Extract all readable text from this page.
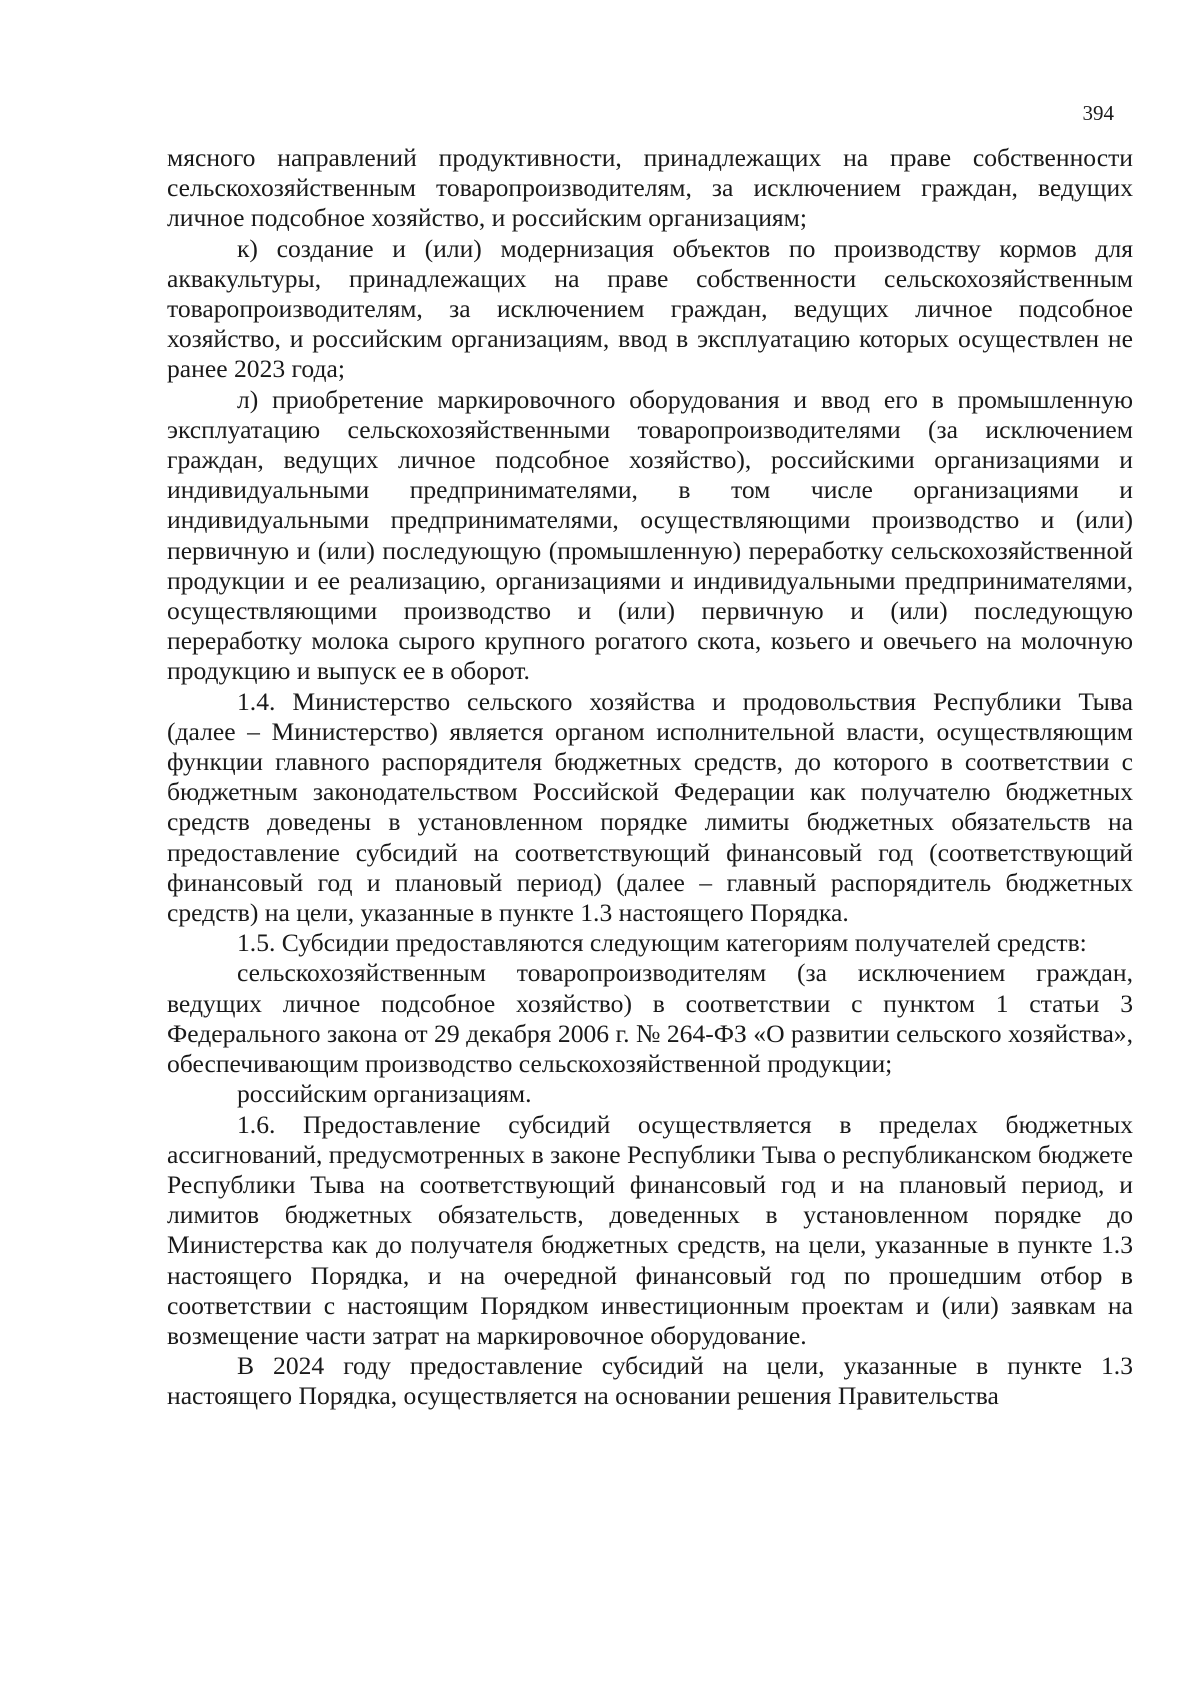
394

мясного направлений продуктивности, принадлежащих на праве собственности сельскохозяйственным товаропроизводителям, за исключением граждан, ведущих личное подсобное хозяйство, и российским организациям;

к) создание и (или) модернизация объектов по производству кормов для аквакультуры, принадлежащих на праве собственности сельскохозяйственным товаропроизводителям, за исключением граждан, ведущих личное подсобное хозяйство, и российским организациям, ввод в эксплуатацию которых осуществлен не ранее 2023 года;

л) приобретение маркировочного оборудования и ввод его в промышленную эксплуатацию сельскохозяйственными товаропроизводителями (за исключением граждан, ведущих личное подсобное хозяйство), российскими организациями и индивидуальными предпринимателями, в том числе организациями и индивидуальными предпринимателями, осуществляющими производство и (или) первичную и (или) последующую (промышленную) переработку сельскохозяйственной продукции и ее реализацию, организациями и индивидуальными предпринимателями, осуществляющими производство и (или) первичную и (или) последующую переработку молока сырого крупного рогатого скота, козьего и овечьего на молочную продукцию и выпуск ее в оборот.

1.4. Министерство сельского хозяйства и продовольствия Республики Тыва (далее – Министерство) является органом исполнительной власти, осуществляющим функции главного распорядителя бюджетных средств, до которого в соответствии с бюджетным законодательством Российской Федерации как получателю бюджетных средств доведены в установленном порядке лимиты бюджетных обязательств на предоставление субсидий на соответствующий финансовый год (соответствующий финансовый год и плановый период) (далее – главный распорядитель бюджетных средств) на цели, указанные в пункте 1.3 настоящего Порядка.

1.5. Субсидии предоставляются следующим категориям получателей средств:

сельскохозяйственным товаропроизводителям (за исключением граждан, ведущих личное подсобное хозяйство) в соответствии с пунктом 1 статьи 3 Федерального закона от 29 декабря 2006 г. № 264-ФЗ «О развитии сельского хозяйства», обеспечивающим производство сельскохозяйственной продукции;

российским организациям.

1.6. Предоставление субсидий осуществляется в пределах бюджетных ассигнований, предусмотренных в законе Республики Тыва о республиканском бюджете Республики Тыва на соответствующий финансовый год и на плановый период, и лимитов бюджетных обязательств, доведенных в установленном порядке до Министерства как до получателя бюджетных средств, на цели, указанные в пункте 1.3 настоящего Порядка, и на очередной финансовый год по прошедшим отбор в соответствии с настоящим Порядком инвестиционным проектам и (или) заявкам на возмещение части затрат на маркировочное оборудование.

В 2024 году предоставление субсидий на цели, указанные в пункте 1.3 настоящего Порядка, осуществляется на основании решения Правительства
